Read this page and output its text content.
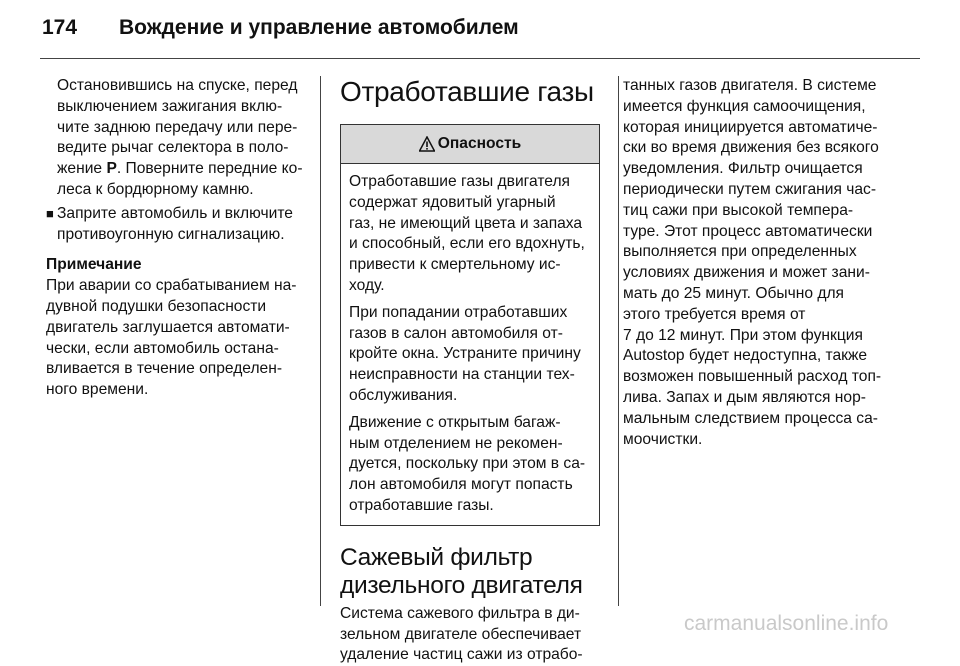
174 Вождение и управление автомобилем

Остановившись на спуске, перед
выключением зажигания вклю-
чите заднюю передачу или пере-
ведите рычаг селектора в поло-
жение P. Поверните передние ко-
леса к бордюрному камню.

■ Заприте автомобиль и включите
противоугонную сигнализацию.

Примечание

При аварии со срабатыванием на-
дувной подушки безопасности
двигатель заглушается автомати-
чески, если автомобиль останa-
вливается в течение определен-
ного времени.

Отработавшие газы
Опасность

Отработавшие газы двигателя
содержат ядовитый угарный
газ, не имеющий цвета и запаха
и способный, если его вдохнуть,
привести к смертельному ис-
ходу.

При попадании отработавших
газов в салон автомобиля от-
кройте окна. Устраните причину
неисправности на станции тех-
обслуживания.

Движение с открытым багаж-
ным отделением не рекомен-
дуется, поскольку при этом в са-
лон автомобиля могут попасть
отработавшие газы.

Сажевый фильтр
дизельного двигателя

Система сажевого фильтра в ди-
зельном двигателе обеспечивает
удаление частиц сажи из отрабо-

танных газов двигателя. В системе
имеется функция самоочищения,
которая инициируется автоматиче-
ски во время движения без всякого
уведомления. Фильтр очищается
периодически путем сжигания час-
тиц сажи при высокой темпера-
туре. Этот процесс автоматически
выполняется при определенных
условиях движения и может зани-
мать до 25 минут. Обычно для
этого требуется время от
7 до 12 минут. При этом функция
Autostop будет недоступна, также
возможен повышенный расход топ-
лива. Запах и дым являются нор-
мальным следствием процесса са-
моочистки.

carmanualsonline.info
